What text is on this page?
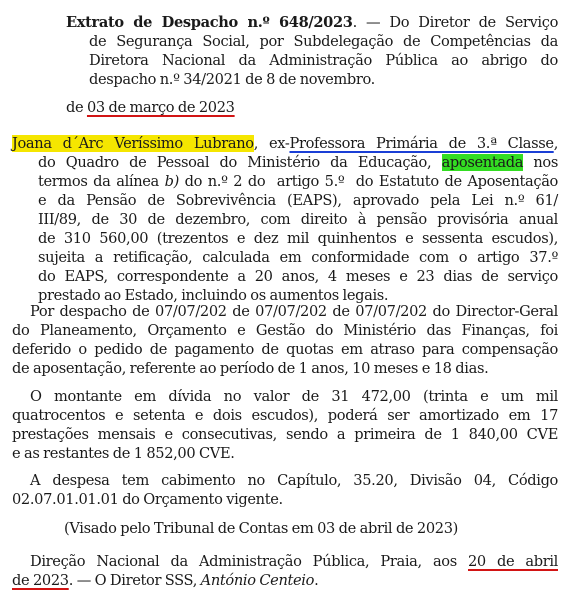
Extrato de Despacho n.º 648/2023. — Do Diretor de Serviço
de Segurança Social, por Subdelegação de Competências da
Diretora Nacional da Administração Pública ao abrigo do
despacho n.º 34/2021 de 8 de novembro.
de 03 de março de 2023
Joana d´Arc Veríssimo Lubrano, ex-Professora Primária de 3.ª Classe,
do Quadro de Pessoal do Ministério da Educação, aposentada nos
termos da alínea b) do n.º 2 do  artigo 5.º  do Estatuto de Aposentação
e da Pensão de Sobrevivência (EAPS), aprovado pela Lei n.º 61/
III/89, de 30 de dezembro, com direito à pensão provisória anual
de 310 560,00 (trezentos e dez mil quinhentos e sessenta escudos),
sujeita a retificação, calculada em conformidade com o artigo 37.º
do EAPS, correspondente a 20 anos, 4 meses e 23 dias de serviço
prestado ao Estado, incluindo os aumentos legais.
Por despacho de 07/07/202 de 07/07/202 de 07/07/202 do Director-Geral
do Planeamento, Orçamento e Gestão do Ministério das Finanças, foi
deferido o pedido de pagamento de quotas em atraso para compensação
de aposentação, referente ao período de 1 anos, 10 meses e 18 dias.
O montante em dívida no valor de 31 472,00 (trinta e um mil
quatrocentos e setenta e dois escudos), poderá ser amortizado em 17
prestações mensais e consecutivas, sendo a primeira de 1 840,00 CVE
e as restantes de 1 852,00 CVE.
A despesa tem cabimento no Capítulo, 35.20, Divisão 04, Código
02.07.01.01.01 do Orçamento vigente.
(Visado pelo Tribunal de Contas em 03 de abril de 2023)
Direção Nacional da Administração Pública, Praia, aos 20 de abril
de 2023. — O Diretor SSS, António Centeio.
